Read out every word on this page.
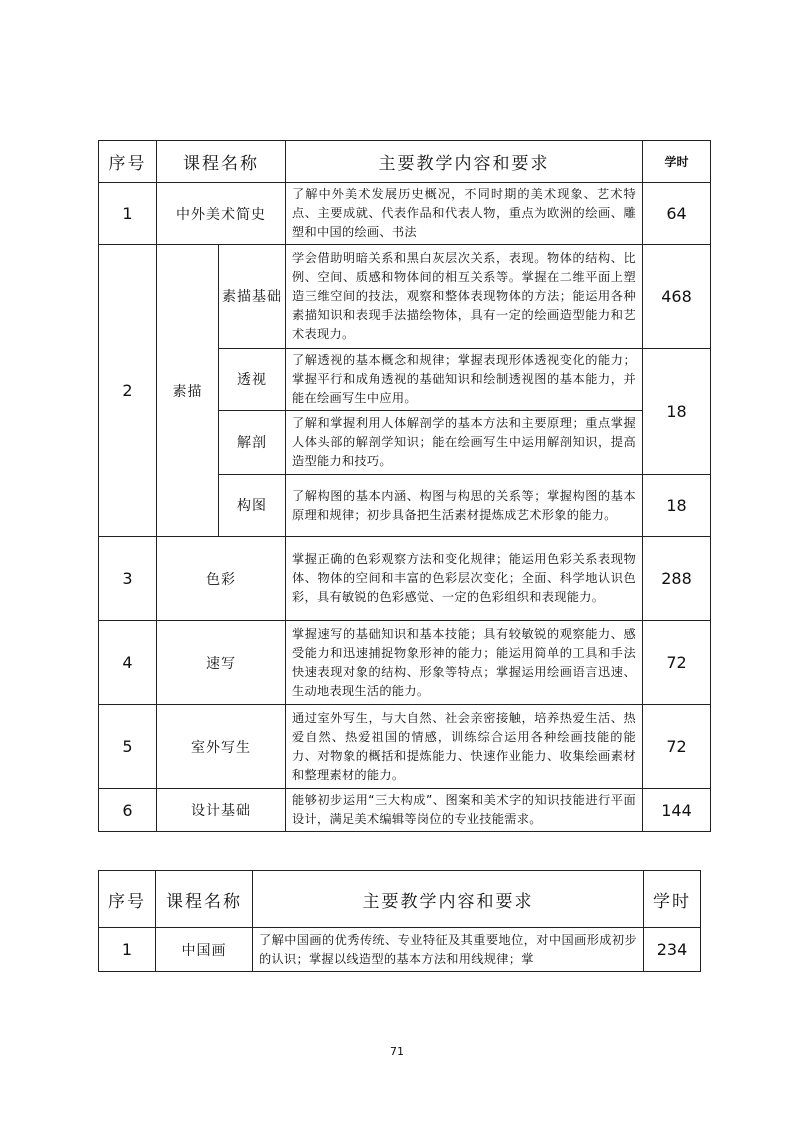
序号	课程名称		主要教学内容和要求	学时
1	中外美术简史		了解中外美术发展历史概况，不同时期的美术现象、艺术特点、主要成就、代表作品和代表人物，重点为欧洲的绘画、雕塑和中国的绘画、书法	64
2	素描	素描基础	学会借助明暗关系和黑白灰层次关系，表现。物体的结构、比例、空间、质感和物体间的相互关系等。掌握在二维平面上塑造三维空间的技法，观察和整体表现物体的方法；能运用各种素描知识和表现手法描绘物体，具有一定的绘画造型能力和艺术表现力。	468
		透视	了解透视的基本概念和规律；掌握表现形体透视变化的能力；掌握平行和成角透视的基础知识和绘制透视图的基本能力，并能在绘画写生中应用。	18
		解剖	了解和掌握利用人体解剖学的基本方法和主要原理；重点掌握人体头部的解剖学知识；能在绘画写生中运用解剖知识，提高造型能力和技巧。	
		构图	了解构图的基本内涵、构图与构思的关系等；掌握构图的基本原理和规律；初步具备把生活素材提炼成艺术形象的能力。	18
3	色彩		掌握正确的色彩观察方法和变化规律；能运用色彩关系表现物体、物体的空间和丰富的色彩层次变化；全面、科学地认识色彩，具有敏锐的色彩感觉、一定的色彩组织和表现能力。	288
4	速写		掌握速写的基础知识和基本技能；具有较敏锐的观察能力、感受能力和迅速捕捉物象形神的能力；能运用简单的工具和手法快速表现对象的结构、形象等特点；掌握运用绘画语言迅速、生动地表现生活的能力。	72
5	室外写生		通过室外写生，与大自然、社会亲密接触，培养热爱生活、热爱自然、热爱祖国的情感，训练综合运用各种绘画技能的能力、对物象的概括和提炼能力、快速作业能力、收集绘画素材和整理素材的能力。	72
6	设计基础		能够初步运用“三大构成”、图案和美术字的知识技能进行平面设计，满足美术编辑等岗位的专业技能需求。	144
序号	课程名称	主要教学内容和要求	学时
1	中国画	了解中国画的优秀传统、专业特征及其重要地位，对中国画形成初步的认识；掌握以线造型的基本方法和用线规律；掌	234
71
